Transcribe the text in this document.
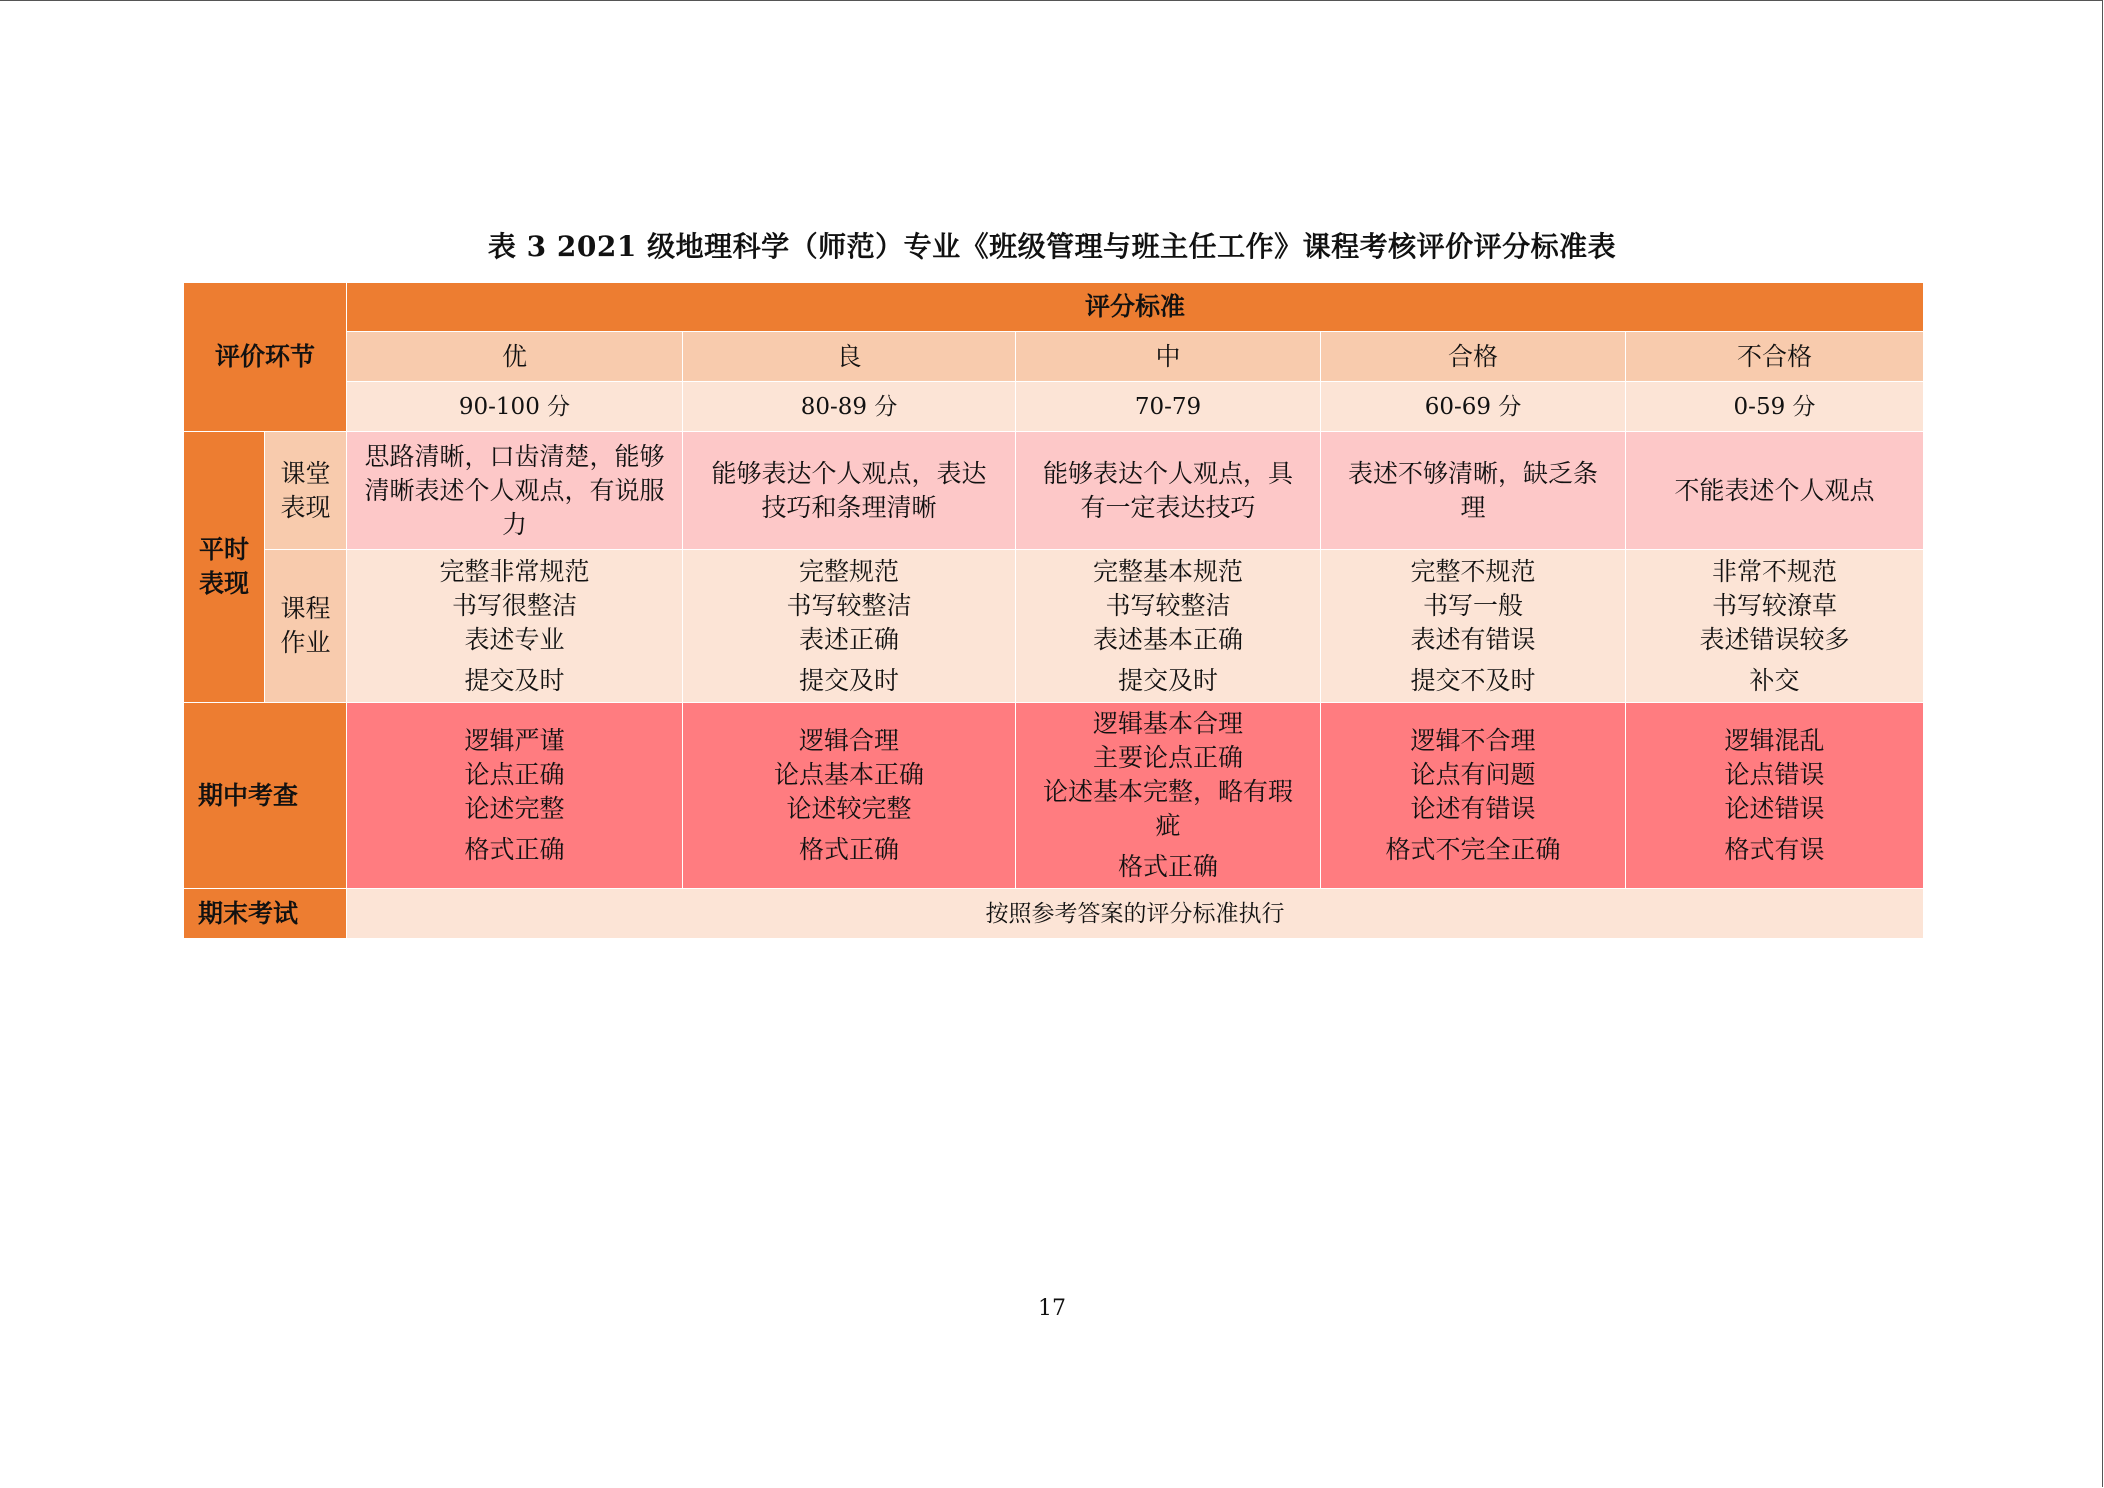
表 3 2021 级地理科学（师范）专业《班级管理与班主任工作》课程考核评价评分标准表
评价环节		评分标准				
		优	良	中	合格	不合格
		90-100 分	80-89 分	70-79	60-69 分	0-59 分
平时表现	课堂表现	思路清晰，口齿清楚，能够清晰表述个人观点，有说服力	能够表达个人观点，表达技巧和条理清晰	能够表达个人观点，具有一定表达技巧	表述不够清晰，缺乏条理	不能表述个人观点
	课程作业	完整非常规范
书写很整洁
表述专业
提交及时	完整规范
书写较整洁
表述正确
提交及时	完整基本规范
书写较整洁
表述基本正确
提交及时	完整不规范
书写一般
表述有错误
提交不及时	非常不规范
书写较潦草
表述错误较多
补交

期中考查		逻辑严谨
论点正确
论述完整
格式正确	逻辑合理
论点基本正确
论述较完整
格式正确	逻辑基本合理
主要论点正确
论述基本完整，略有瑕疵
格式正确	逻辑不合理
论点有问题
论述有错误
格式不完全正确	逻辑混乱
论点错误
论述错误
格式有误

期末考试		按照参考答案的评分标准执行				
17
